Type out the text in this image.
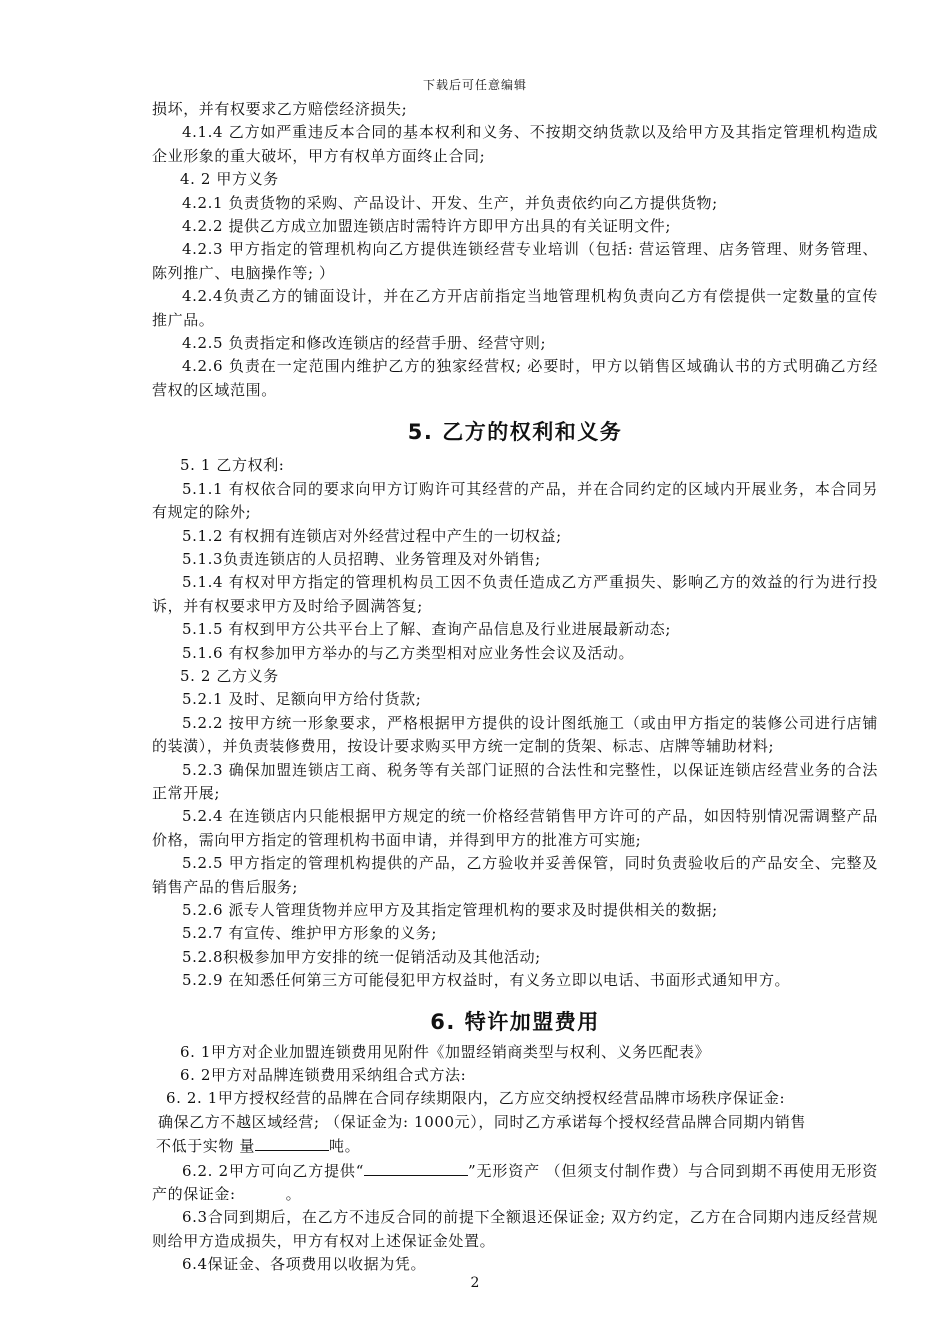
下载后可任意编辑

损坏，并有权要求乙方赔偿经济损失;

4.1.4 乙方如严重违反本合同的基本权利和义务、不按期交纳货款以及给甲方及其指定管理机构造成企业形象的重大破坏，甲方有权单方面终止合同;

4. 2 甲方义务

4.2.1 负责货物的采购、产品设计、开发、生产，并负责依约向乙方提供货物;

4.2.2 提供乙方成立加盟连锁店时需特许方即甲方出具的有关证明文件;

4.2.3 甲方指定的管理机构向乙方提供连锁经营专业培训（包括: 营运管理、店务管理、财务管理、陈列推广、电脑操作等; ）

4.2.4负责乙方的铺面设计，并在乙方开店前指定当地管理机构负责向乙方有偿提供一定数量的宣传推广品。

4.2.5 负责指定和修改连锁店的经营手册、经营守则;

4.2.6 负责在一定范围内维护乙方的独家经营权; 必要时，甲方以销售区域确认书的方式明确乙方经营权的区域范围。

5. 乙方的权利和义务

5. 1 乙方权利:

5.1.1 有权依合同的要求向甲方订购许可其经营的产品，并在合同约定的区域内开展业务，本合同另有规定的除外;

5.1.2 有权拥有连锁店对外经营过程中产生的一切权益;

5.1.3负责连锁店的人员招聘、业务管理及对外销售;

5.1.4 有权对甲方指定的管理机构员工因不负责任造成乙方严重损失、影响乙方的效益的行为进行投诉，并有权要求甲方及时给予圆满答复;

5.1.5 有权到甲方公共平台上了解、查询产品信息及行业进展最新动态;

5.1.6 有权参加甲方举办的与乙方类型相对应业务性会议及活动。

5. 2 乙方义务

5.2.1 及时、足额向甲方给付货款;

5.2.2 按甲方统一形象要求，严格根据甲方提供的设计图纸施工（或由甲方指定的装修公司进行店铺的装潢），并负责装修费用，按设计要求购买甲方统一定制的货架、标志、店牌等辅助材料;

5.2.3 确保加盟连锁店工商、税务等有关部门证照的合法性和完整性，以保证连锁店经营业务的合法正常开展;

5.2.4 在连锁店内只能根据甲方规定的统一价格经营销售甲方许可的产品，如因特别情况需调整产品价格，需向甲方指定的管理机构书面申请，并得到甲方的批准方可实施;

5.2.5 甲方指定的管理机构提供的产品，乙方验收并妥善保管，同时负责验收后的产品安全、完整及销售产品的售后服务;

5.2.6 派专人管理货物并应甲方及其指定管理机构的要求及时提供相关的数据;

5.2.7 有宣传、维护甲方形象的义务;

5.2.8积极参加甲方安排的统一促销活动及其他活动;

5.2.9 在知悉任何第三方可能侵犯甲方权益时，有义务立即以电话、书面形式通知甲方。

6. 特许加盟费用

6. 1甲方对企业加盟连锁费用见附件《加盟经销商类型与权利、义务匹配表》

6. 2甲方对品牌连锁费用采纳组合式方法:

6. 2. 1甲方授权经营的品牌在合同存续期限内，乙方应交纳授权经营品牌市场秩序保证金:

确保乙方不越区域经营; （保证金为: 1000元），同时乙方承诺每个授权经营品牌合同期内销售

不低于实物 量	吨。

6.2. 2甲方可向乙方提供“	”无形资产 （但须支付制作费）与合同到期不再使用无形资产的保证金:	。

6.3合同到期后，在乙方不违反合同的前提下全额退还保证金; 双方约定，乙方在合同期内违反经营规则给甲方造成损失，甲方有权对上述保证金处置。

6.4保证金、各项费用以收据为凭。

2
